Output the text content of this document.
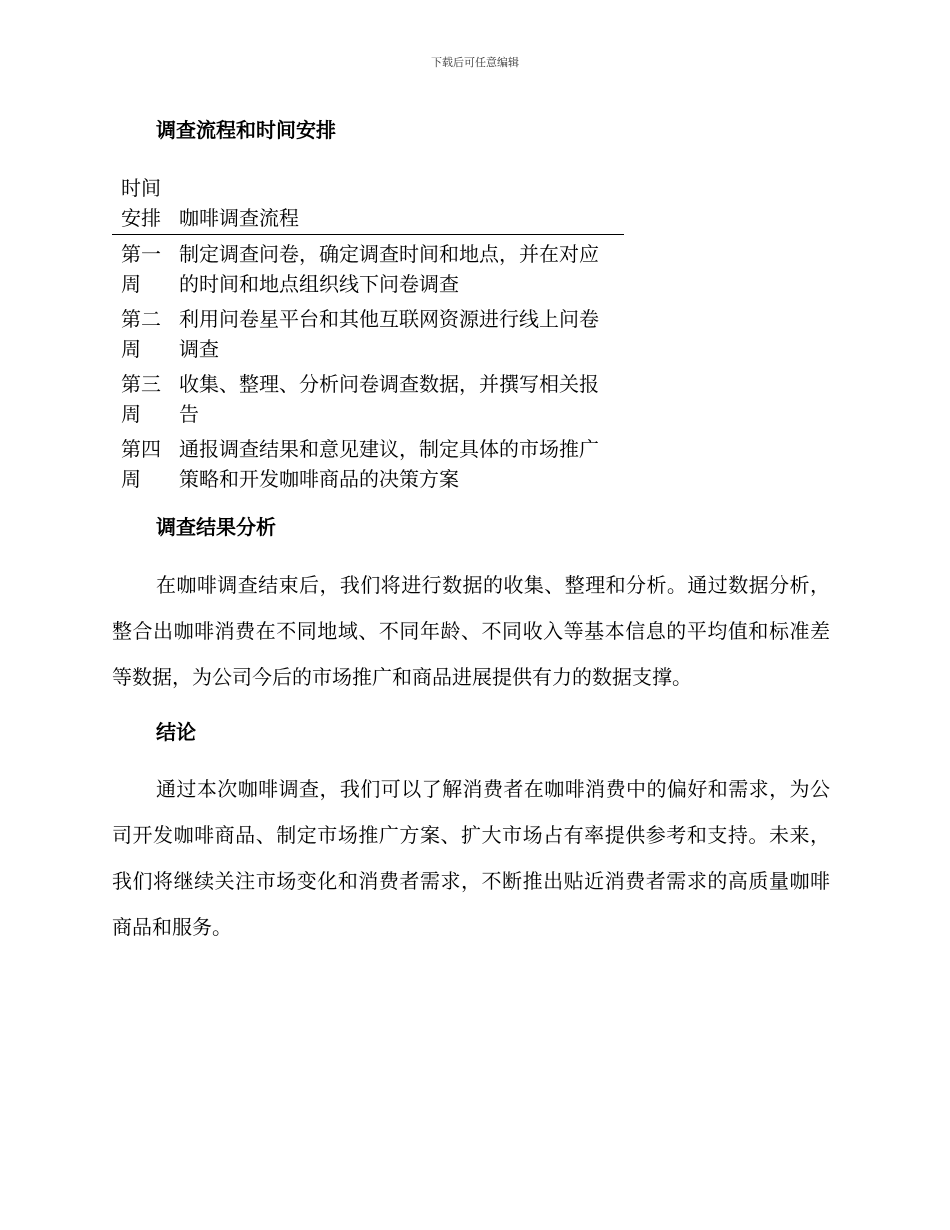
下载后可任意编辑
调查流程和时间安排
时间安排 咖啡调查流程
第一周
制定调查问卷，确定调查时间和地点，并在对应的时间和地点组织线下问卷调查
第二周
利用问卷星平台和其他互联网资源进行线上问卷调查
第三周
收集、整理、分析问卷调查数据，并撰写相关报告
第四周
通报调查结果和意见建议，制定具体的市场推广策略和开发咖啡商品的决策方案
调查结果分析

在咖啡调查结束后，我们将进行数据的收集、整理和分析。通过数据分析，整合出咖啡消费在不同地域、不同年龄、不同收入等基本信息的平均值和标准差等数据，为公司今后的市场推广和商品进展提供有力的数据支撑。

结论

通过本次咖啡调查，我们可以了解消费者在咖啡消费中的偏好和需求，为公司开发咖啡商品、制定市场推广方案、扩大市场占有率提供参考和支持。未来，我们将继续关注市场变化和消费者需求，不断推出贴近消费者需求的高质量咖啡商品和服务。
